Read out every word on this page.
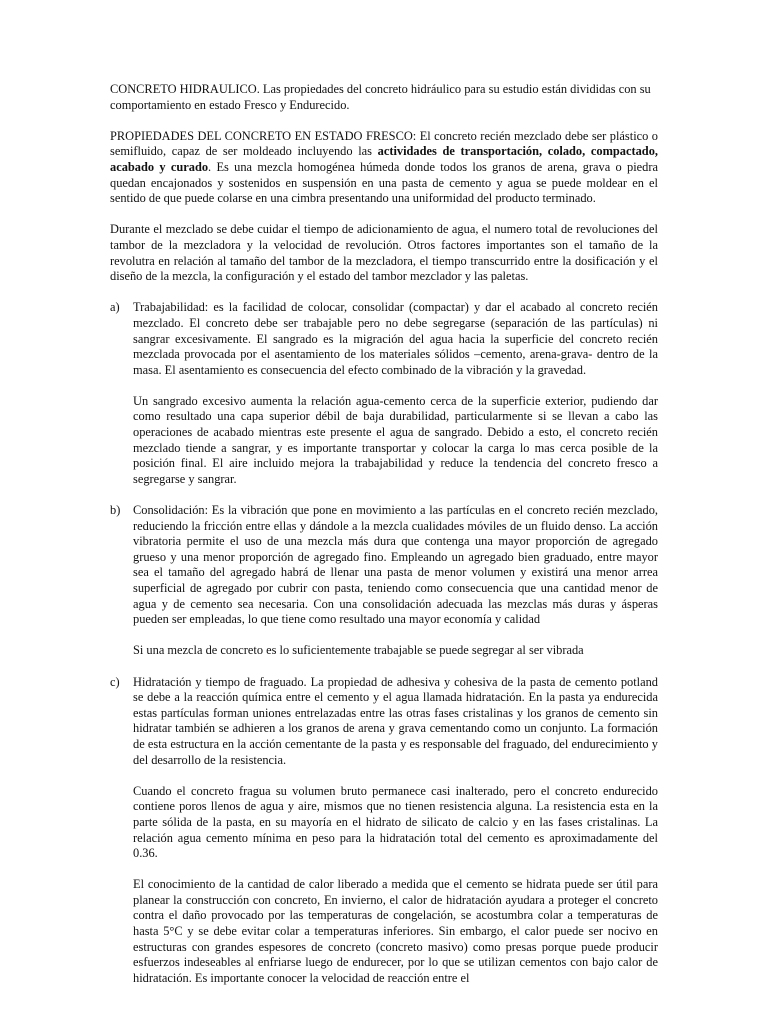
CONCRETO HIDRAULICO. Las propiedades del concreto hidráulico para su estudio están divididas con su comportamiento en estado Fresco y Endurecido.

PROPIEDADES DEL CONCRETO EN ESTADO FRESCO: El concreto recién mezclado debe ser plástico o semifluido, capaz de ser moldeado incluyendo las actividades de transportación, colado, compactado, acabado y curado. Es una mezcla homogénea húmeda donde todos los granos de arena, grava o piedra quedan encajonados y sostenidos en suspensión en una pasta de cemento y agua se puede moldear en el sentido de que puede colarse en una cimbra presentando una uniformidad del producto terminado.

Durante el mezclado se debe cuidar el tiempo de adicionamiento de agua, el numero total de revoluciones del tambor de la mezcladora y la velocidad de revolución. Otros factores importantes son el tamaño de la revolutra en relación al tamaño del tambor de la mezcladora, el tiempo transcurrido entre la dosificación y el diseño de la mezcla, la configuración y el estado del tambor mezclador y las paletas.

a) Trabajabilidad: es la facilidad de colocar, consolidar (compactar) y dar el acabado al concreto recién mezclado. El concreto debe ser trabajable pero no debe segregarse (separación de las partículas) ni sangrar excesivamente. El sangrado es la migración del agua hacia la superficie del concreto recién mezclada provocada por el asentamiento de los materiales sólidos –cemento, arena-grava- dentro de la masa. El asentamiento es consecuencia del efecto combinado de la vibración y la gravedad.

Un sangrado excesivo aumenta la relación agua-cemento cerca de la superficie exterior, pudiendo dar como resultado una capa superior débil de baja durabilidad, particularmente si se llevan a cabo las operaciones de acabado mientras este presente el agua de sangrado. Debido a esto, el concreto recién mezclado tiende a sangrar, y es importante transportar y colocar la carga lo mas cerca posible de la posición final. El aire incluido mejora la trabajabilidad y reduce la tendencia del concreto fresco a segregarse y sangrar.

b) Consolidación: Es la vibración que pone en movimiento a las partículas en el concreto recién mezclado, reduciendo la fricción entre ellas y dándole a la mezcla cualidades móviles de un fluido denso. La acción vibratoria permite el uso de una mezcla más dura que contenga una mayor proporción de agregado grueso y una menor proporción de agregado fino. Empleando un agregado bien graduado, entre mayor sea el tamaño del agregado habrá de llenar una pasta de menor volumen y existirá una menor arrea superficial de agregado por cubrir con pasta, teniendo como consecuencia que una cantidad menor de agua y de cemento sea necesaria. Con una consolidación adecuada las mezclas más duras y ásperas pueden ser empleadas, lo que tiene como resultado una mayor economía y calidad

Si una mezcla de concreto es lo suficientemente trabajable se puede segregar al ser vibrada

c) Hidratación y tiempo de fraguado. La propiedad de adhesiva y cohesiva de la pasta de cemento potland se debe a la reacción química entre el cemento y el agua llamada hidratación. En la pasta ya endurecida estas partículas forman uniones entrelazadas entre las otras fases cristalinas y los granos de cemento sin hidratar también se adhieren a los granos de arena y grava cementando como un conjunto. La formación de esta estructura en la acción cementante de la pasta y es responsable del fraguado, del endurecimiento y del desarrollo de la resistencia.

Cuando el concreto fragua su volumen bruto permanece casi inalterado, pero el concreto endurecido contiene poros llenos de agua y aire, mismos que no tienen resistencia alguna. La resistencia esta en la parte sólida de la pasta, en su mayoría en el hidrato de silicato de calcio y en las fases cristalinas. La relación agua cemento mínima en peso para la hidratación total del cemento es aproximadamente del 0.36.

El conocimiento de la cantidad de calor liberado a medida que el cemento se hidrata puede ser útil para planear la construcción con concreto, En invierno, el calor de hidratación ayudara a proteger el concreto contra el daño provocado por las temperaturas de congelación, se acostumbra colar a temperaturas de hasta 5°C y se debe evitar colar a temperaturas inferiores. Sin embargo, el calor puede ser nocivo en estructuras con grandes espesores de concreto (concreto masivo) como presas porque puede producir esfuerzos indeseables al enfriarse luego de endurecer, por lo que se utilizan cementos con bajo calor de hidratación. Es importante conocer la velocidad de reacción entre el
